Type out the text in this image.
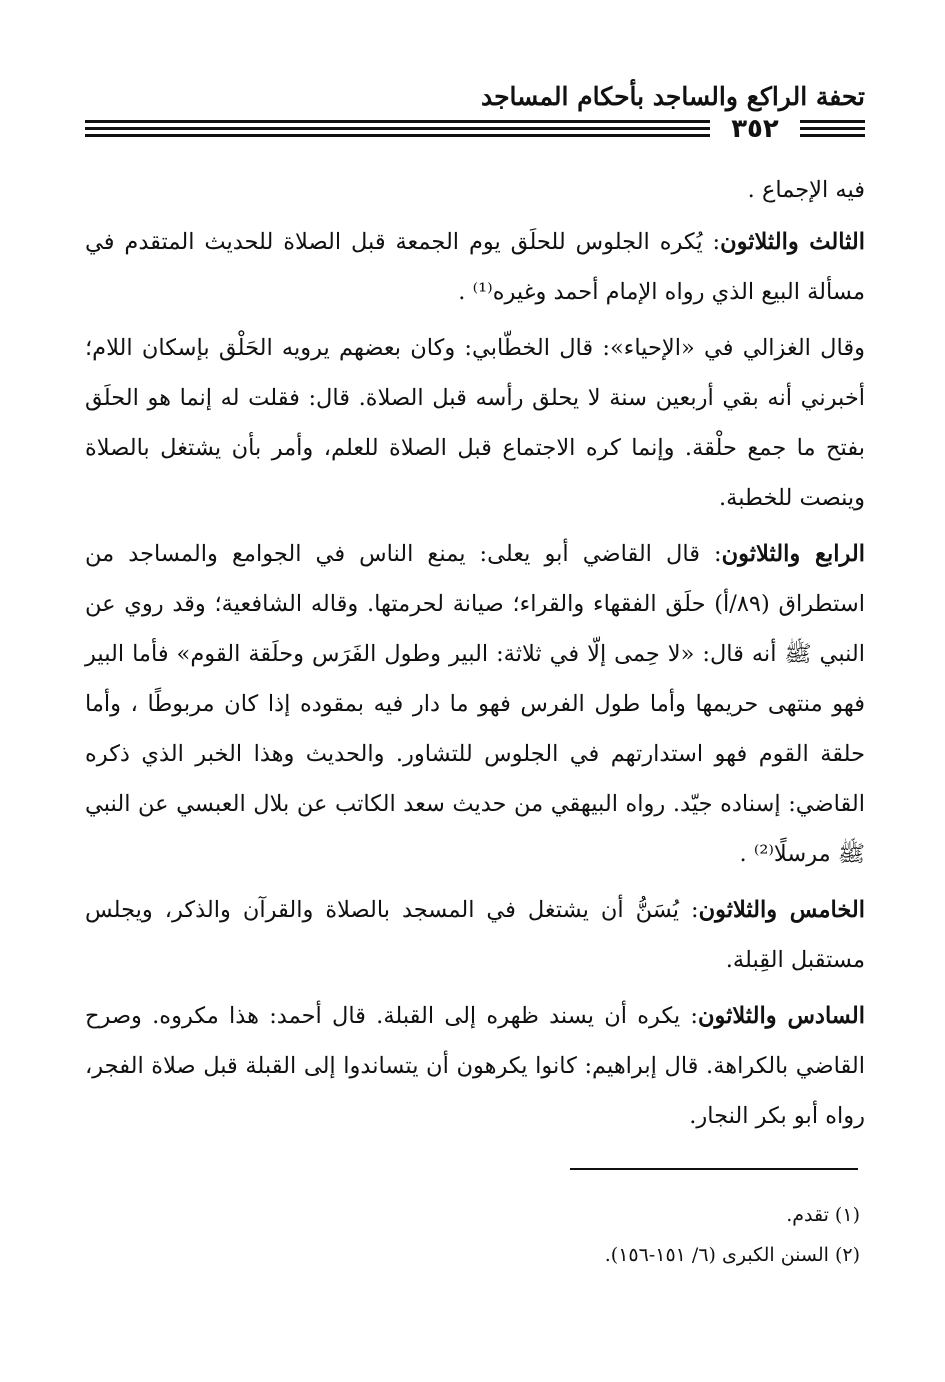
تحفة الراكع والساجد بأحكام المساجد
٣٥٢

فيه الإجماع .

الثالث والثلاثون: يُكره الجلوس للحلَق يوم الجمعة قبل الصلاة للحديث المتقدم في مسألة البيع الذي رواه الإمام أحمد وغيره⁽¹⁾ .

وقال الغزالي في «الإحياء»: قال الخطّابي: وكان بعضهم يرويه الحَلْق بإسكان اللام؛ أخبرني أنه بقي أربعين سنة لا يحلق رأسه قبل الصلاة. قال: فقلت له إنما هو الحلَق بفتح ما جمع حلْقة. وإنما كره الاجتماع قبل الصلاة للعلم، وأمر بأن يشتغل بالصلاة وينصت للخطبة.

الرابع والثلاثون: قال القاضي أبو يعلى: يمنع الناس في الجوامع والمساجد من استطراق (٨٩/أ) حلَق الفقهاء والقراء؛ صيانة لحرمتها. وقاله الشافعية؛ وقد روي عن النبي ﷺ أنه قال: «لا حِمى إلّا في ثلاثة: البير وطول الفَرَس وحلَقة القوم» فأما البير فهو منتهى حريمها وأما طول الفرس فهو ما دار فيه بمقوده إذا كان مربوطًا ، وأما حلقة القوم فهو استدارتهم في الجلوس للتشاور. والحديث وهذا الخبر الذي ذكره القاضي: إسناده جيّد. رواه البيهقي من حديث سعد الكاتب عن بلال العبسي عن النبي ﷺ مرسلًا⁽²⁾ .

الخامس والثلاثون: يُسَنُّ أن يشتغل في المسجد بالصلاة والقرآن والذكر، ويجلس مستقبل القِبلة.

السادس والثلاثون: يكره أن يسند ظهره إلى القبلة. قال أحمد: هذا مكروه. وصرح القاضي بالكراهة. قال إبراهيم: كانوا يكرهون أن يتساندوا إلى القبلة قبل صلاة الفجر، رواه أبو بكر النجار.

(١) تقدم.

(٢) السنن الكبرى (٦/ ١٥١-١٥٦).
